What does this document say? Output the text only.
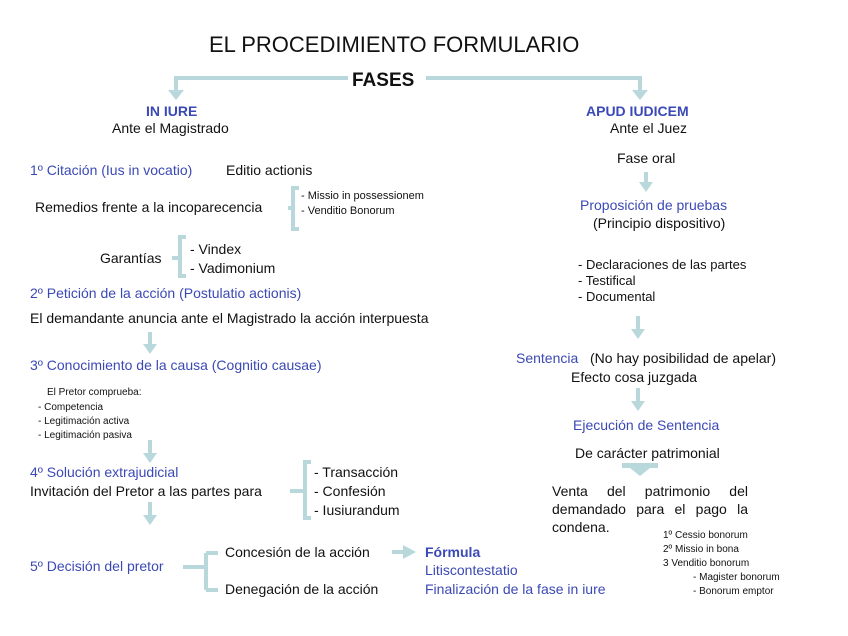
EL PROCEDIMIENTO FORMULARIO
FASES
IN IURE
Ante el Magistrado
1º Citación (Ius in vocatio) Editio actionis
Remedios frente a la incoparecencia
- Missio in possessionem
- Venditio Bonorum
Garantías
- Vindex
- Vadimonium
2º Petición de la acción (Postulatio actionis)
El demandante anuncia ante el Magistrado la acción interpuesta
3º Conocimiento de la causa (Cognitio causae)
El Pretor comprueba:
- Competencia
- Legitimación activa
- Legitimación pasiva
4º Solución extrajudicial
Invitación del Pretor a las partes para
- Transacción
- Confesión
- Iusiurandum
5º Decisión del pretor
Concesión de la acción
Denegación de la acción
Fórmula
Litiscontestatio
Finalización de la fase in iure
APUD IUDICEM
Ante el Juez
Fase oral
Proposición de pruebas
(Principio dispositivo)
- Declaraciones de las partes
- Testifical
- Documental
Sentencia (No hay posibilidad de apelar)
Efecto cosa juzgada
Ejecución de Sentencia
De carácter patrimonial
Venta del patrimonio del demandado para el pago la condena.
1º Cessio bonorum
2º Missio in bona
3 Venditio bonorum
- Magister bonorum
- Bonorum emptor
